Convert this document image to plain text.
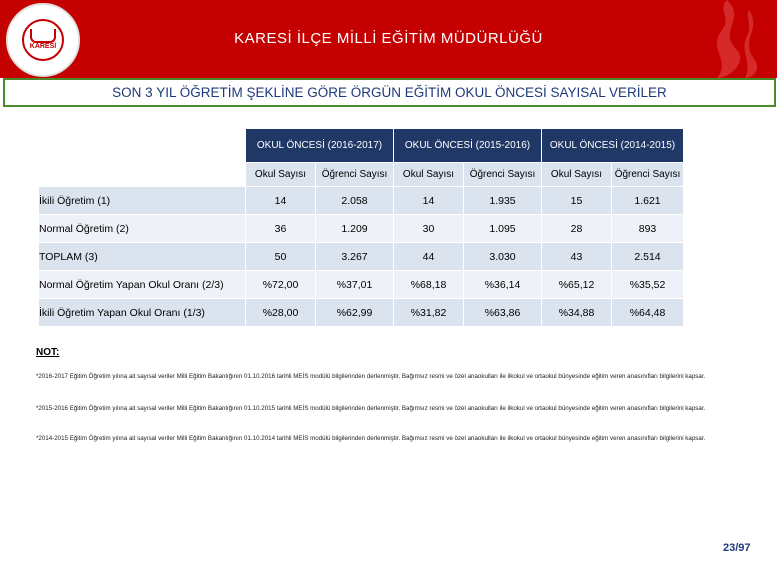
KARESİ	KARESİ İLÇE MİLLİ EĞİTİM MÜDÜRLÜĞÜ
SON 3 YIL ÖĞRETİM ŞEKLİNE GÖRE ÖRGÜN EĞİTİM OKUL ÖNCESİ SAYISAL VERİLER
	OKUL ÖNCESİ (2016-2017)		OKUL ÖNCESİ (2015-2016)		OKUL ÖNCESİ (2014-2015)	
	Okul Sayısı	Öğrenci Sayısı	Okul Sayısı	Öğrenci Sayısı	Okul Sayısı	Öğrenci Sayısı
İkili Öğretim (1)	14	2.058	14	1.935	15	1.621
Normal Öğretim (2)	36	1.209	30	1.095	28	893
TOPLAM (3)	50	3.267	44	3.030	43	2.514
Normal Öğretim Yapan Okul Oranı (2/3)	%72,00	%37,01	%68,18	%36,14	%65,12	%35,52
İkili Öğretim Yapan Okul Oranı (1/3)	%28,00	%62,99	%31,82	%63,86	%34,88	%64,48
NOT:
*2016-2017 Eğitim Öğretim yılına ait sayısal veriler Milli Eğitim Bakanlığının 01.10.2016 tarihli MEİS modülü bilgilerinden derlenmiştir. Bağımsız resmi ve özel anaokulları ile ilkokul ve ortaokul bünyesinde eğitim veren anasınıfları bilgilerini kapsar.
*2015-2016 Eğitim Öğretim yılına ait sayısal veriler Milli Eğitim Bakanlığının 01.10.2015 tarihli MEİS modülü bilgilerinden derlenmiştir. Bağımsız resmi ve özel anaokulları ile ilkokul ve ortaokul bünyesinde eğitim veren anasınıfları bilgilerini kapsar.
*2014-2015 Eğitim Öğretim yılına ait sayısal veriler Milli Eğitim Bakanlığının 01.10.2014 tarihli MEİS modülü bilgilerinden derlenmiştir. Bağımsız resmi ve özel anaokulları ile ilkokul ve ortaokul bünyesinde eğitim veren anasınıfları bilgilerini kapsar.
23/97
